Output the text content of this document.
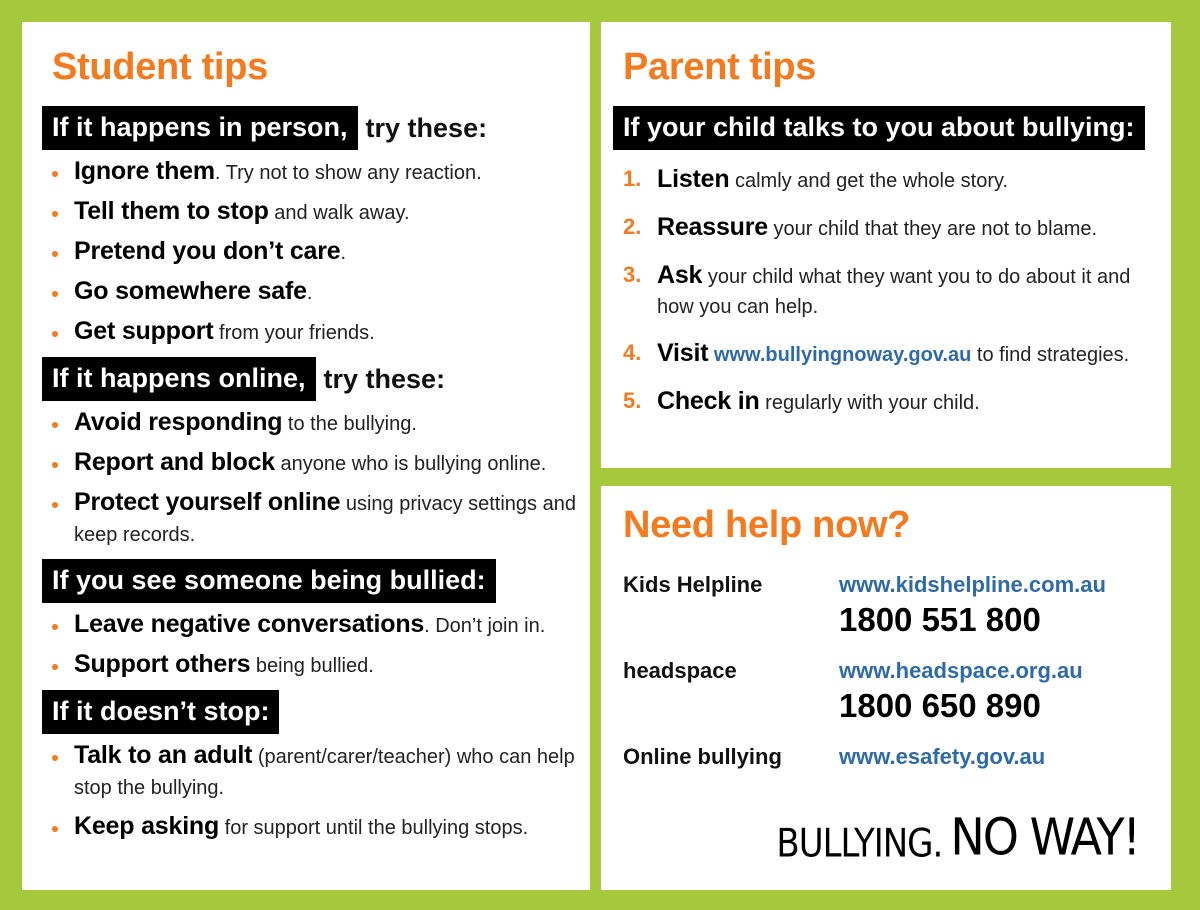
Student tips
If it happens in person, try these:
Ignore them. Try not to show any reaction.
Tell them to stop and walk away.
Pretend you don’t care.
Go somewhere safe.
Get support from your friends.
If it happens online, try these:
Avoid responding to the bullying.
Report and block anyone who is bullying online.
Protect yourself online using privacy settings and keep records.
If you see someone being bullied:
Leave negative conversations. Don’t join in.
Support others being bullied.
If it doesn’t stop:
Talk to an adult (parent/carer/teacher) who can help stop the bullying.
Keep asking for support until the bullying stops.
Parent tips
If your child talks to you about bullying:
1. Listen calmly and get the whole story.
2. Reassure your child that they are not to blame.
3. Ask your child what they want you to do about it and how you can help.
4. Visit www.bullyingnoway.gov.au to find strategies.
5. Check in regularly with your child.
Need help now?
Kids Helpline	www.kidshelpline.com.au
	1800 551 800
headspace	www.headspace.org.au
	1800 650 890
Online bullying	www.esafety.gov.au
BULLYING. NO WAY!
